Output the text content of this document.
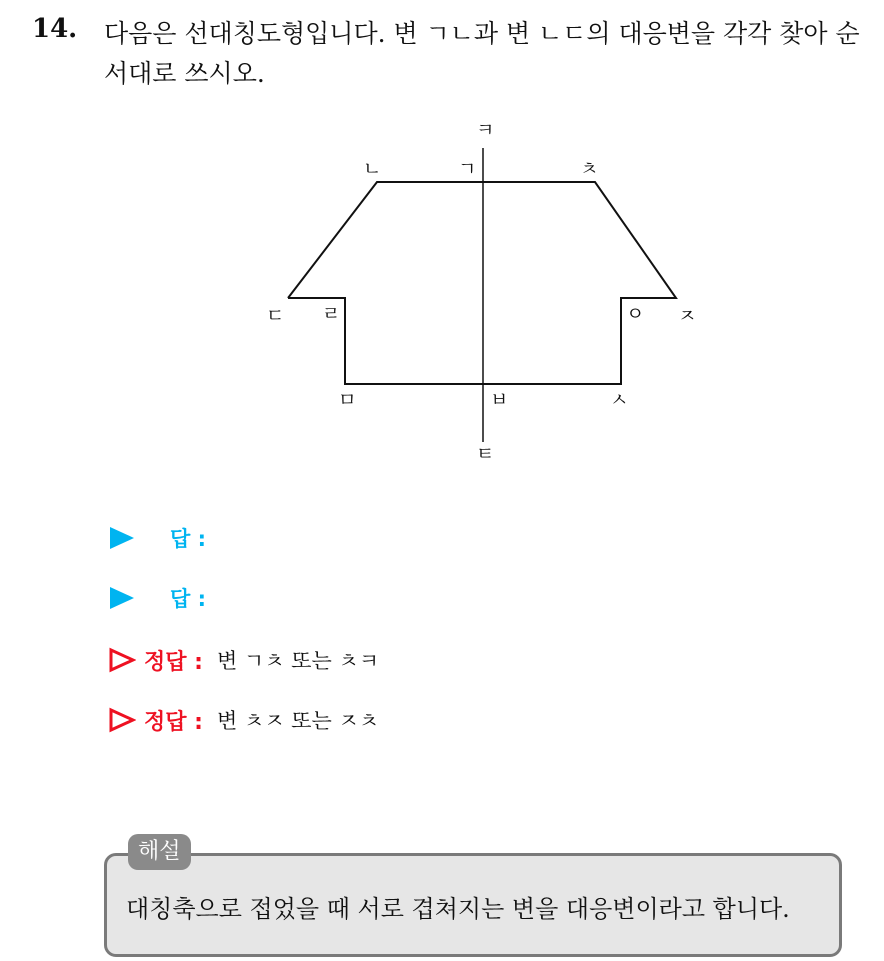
14. 다음은 선대칭도형입니다. 변 ㄱㄴ과 변 ㄴㄷ의 대응변을 각각 찾아 순서대로 쓰시오.
ㅋ
ㄴ	ㄱ	ㅊ
ㄷ ㄹ	ㅇ ㅈ
ㅁ	ㅂ	ㅅ
ㅌ
답 :
답 :
정답 : 변 ㄱㅊ 또는 ㅊㅋ
정답 : 변 ㅊㅈ 또는 ㅈㅊ
해설
대칭축으로 접었을 때 서로 겹쳐지는 변을 대응변이라고 합니다.
